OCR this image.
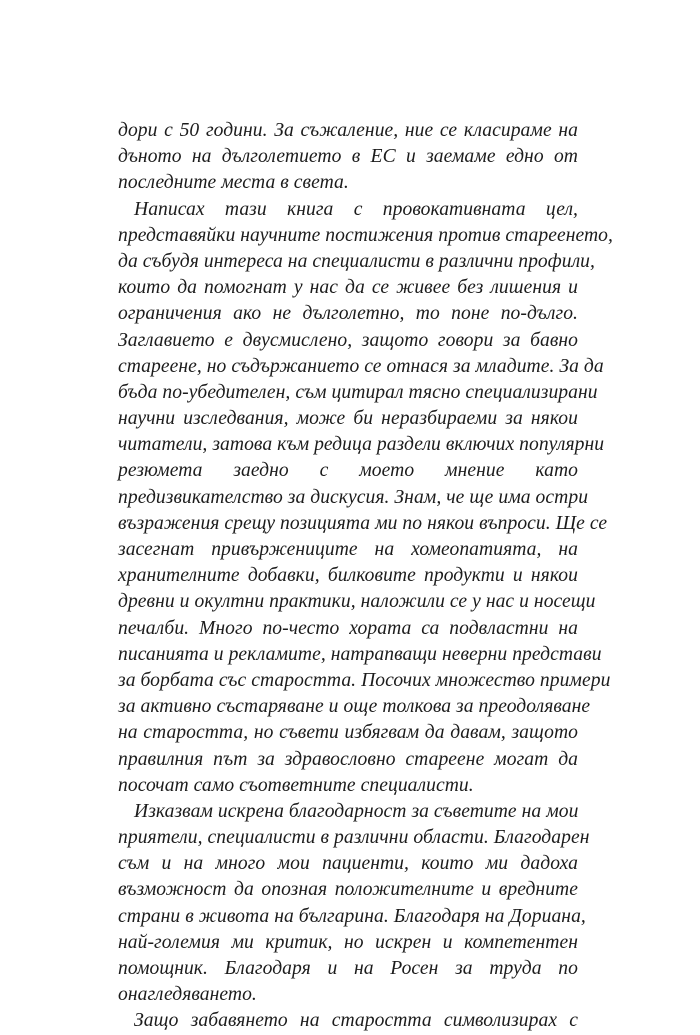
дори с 50 години. За съжаление, ние се класираме на
дъното на дълголетието в ЕС и заемаме едно от
последните места в света.
Написах тази книга с провокативната цел,
представяйки научните постижения против стареенето,
да събудя интереса на специалисти в различни профили,
които да помогнат у нас да се живее без лишения и
ограничения ако не дълголетно, то поне по-дълго.
Заглавието е двусмислено, защото говори за бавно
стареене, но съдържанието се отнася за младите. За да
бъда по-убедителен, съм цитирал тясно специализирани
научни изследвания, може би неразбираеми за някои
читатели, затова към редица раздели включих популярни
резюмета заедно с моето мнение като
предизвикателство за дискусия. Знам, че ще има остри
възражения срещу позицията ми по някои въпроси. Ще се
засегнат привържениците на хомеопатията, на
хранителните добавки, билковите продукти и някои
древни и окултни практики, наложили се у нас и носещи
печалби. Много по-често хората са подвластни на
писанията и рекламите, натрапващи неверни представи
за борбата със старостта. Посочих множество примери
за активно състаряване и още толкова за преодоляване
на старостта, но съвети избягвам да давам, защото
правилния път за здравословно стареене могат да
посочат само съответните специалисти.
Изказвам искрена благодарност за съветите на мои
приятели, специалисти в различни области. Благодарен
съм и на много мои пациенти, които ми дадоха
възможност да опозная положителните и вредните
страни в живота на българина. Благодаря на Дориана,
най-големия ми критик, но искрен и компетентен
помощник. Благодаря и на Росен за труда по
онагледяването.
Защо забавянето на старостта символизирах с
